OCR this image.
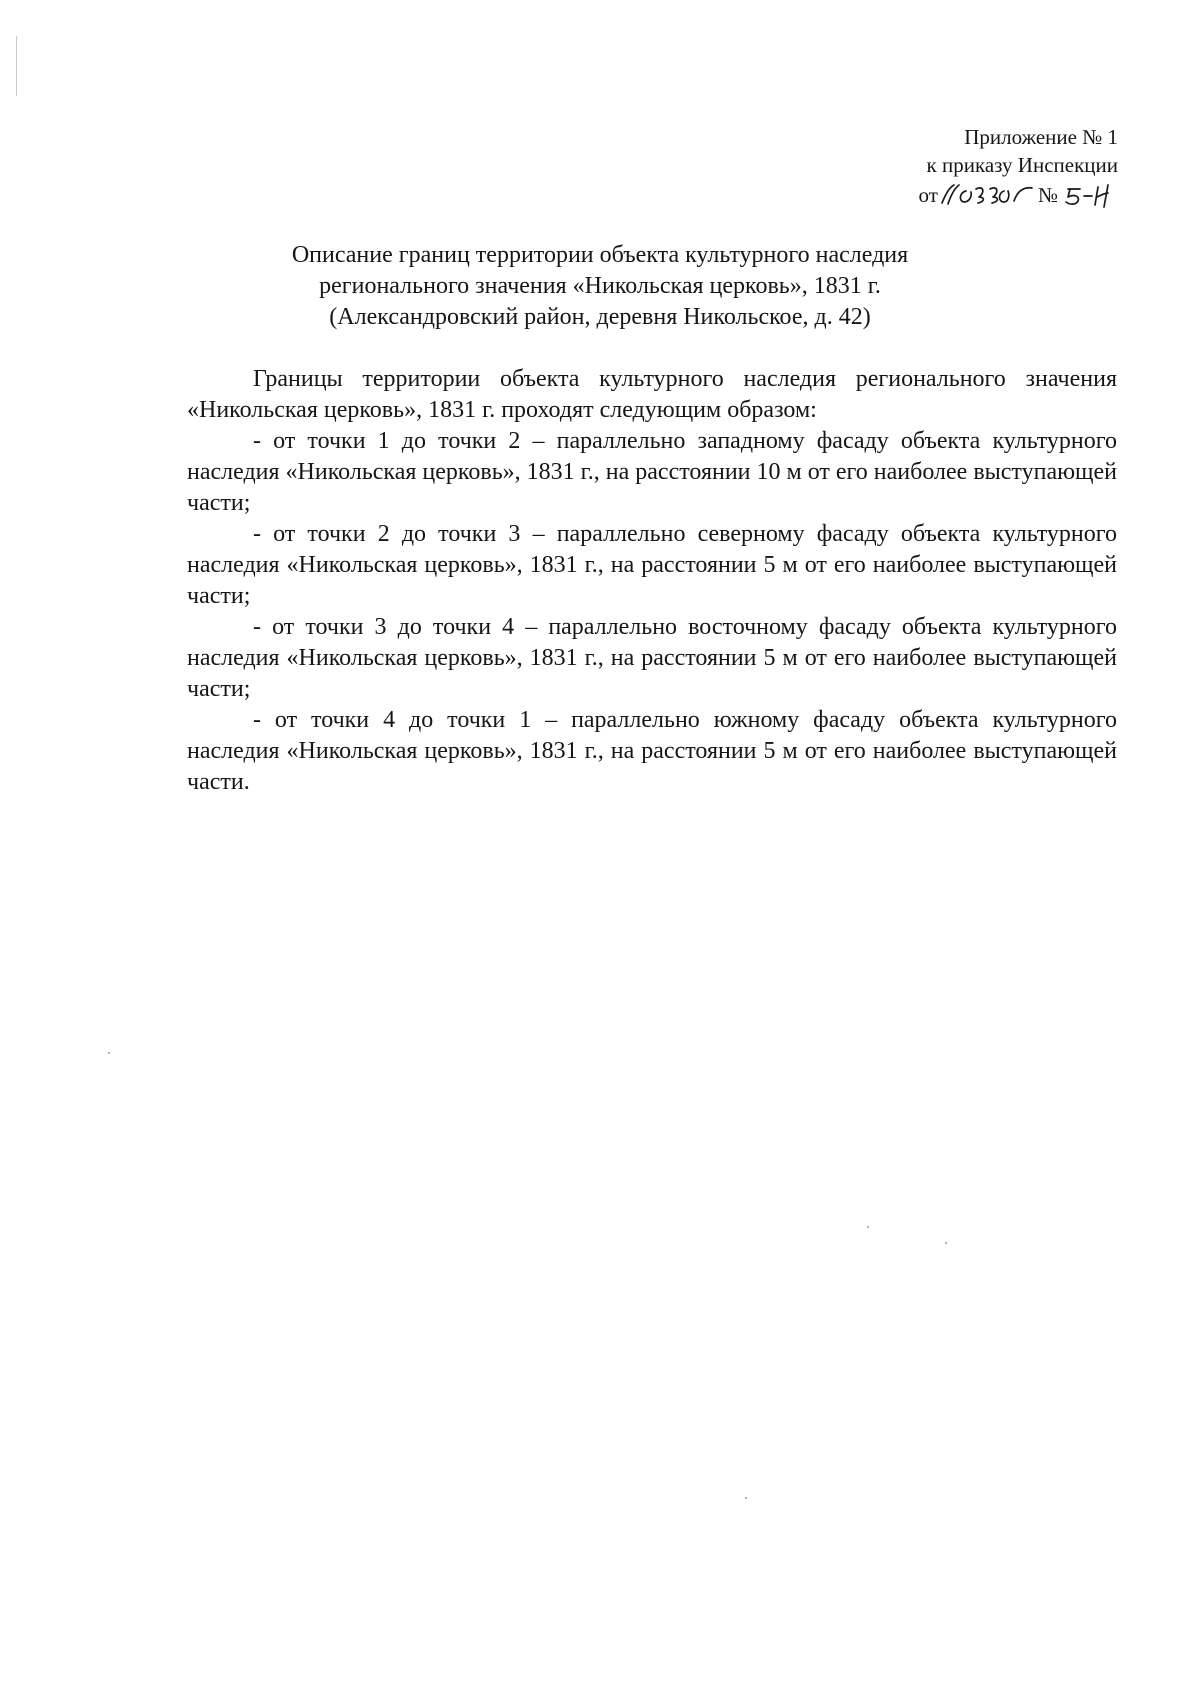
Приложение № 1
к приказу Инспекции
от	№
Описание границ территории объекта культурного наследия
регионального значения «Никольская церковь», 1831 г.
(Александровский район, деревня Никольское, д. 42)

Границы территории объекта культурного наследия регионального значения «Никольская церковь», 1831 г. проходят следующим образом:

- от точки 1 до точки 2 – параллельно западному фасаду объекта культурного наследия «Никольская церковь», 1831 г., на расстоянии 10 м от его наиболее выступающей части;

- от точки 2 до точки 3 – параллельно северному фасаду объекта культурного наследия «Никольская церковь», 1831 г., на расстоянии 5 м от его наиболее выступающей части;

- от точки 3 до точки 4 – параллельно восточному фасаду объекта культурного наследия «Никольская церковь», 1831 г., на расстоянии 5 м от его наиболее выступающей части;

- от точки 4 до точки 1 – параллельно южному фасаду объекта культурного наследия «Никольская церковь», 1831 г., на расстоянии 5 м от его наиболее выступающей части.
